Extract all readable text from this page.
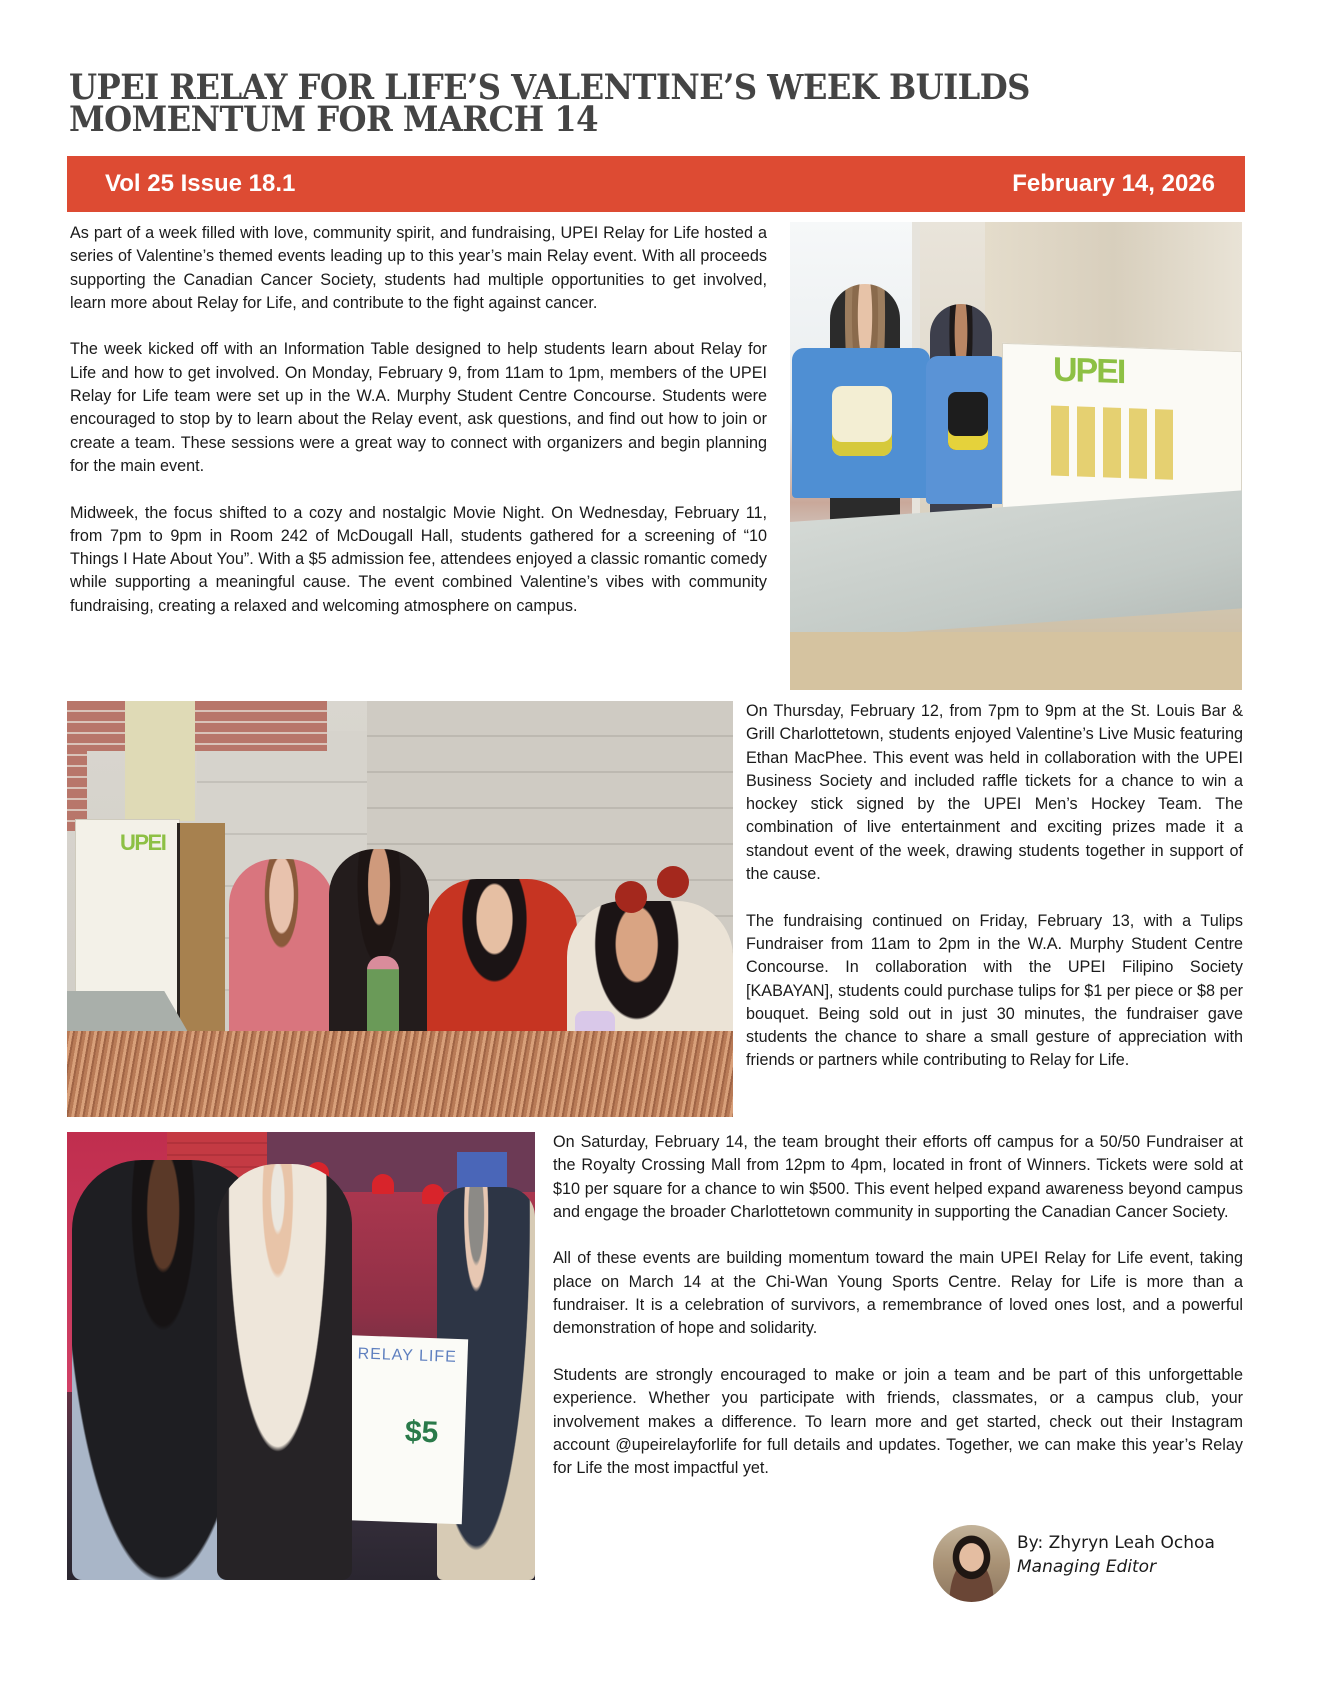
UPEI RELAY FOR LIFE’S VALENTINE’S WEEK BUILDS
MOMENTUM FOR MARCH 14
Vol 25 Issue 18.1	February 14, 2026

As part of a week filled with love, community spirit, and fundraising, UPEI Relay for Life hosted a series of Valentine’s themed events leading up to this year’s main Relay event. With all proceeds supporting the Canadian Cancer Society, students had multiple opportunities to get involved, learn more about Relay for Life, and contribute to the fight against cancer.

The week kicked off with an Information Table designed to help students learn about Relay for Life and how to get involved. On Monday, February 9, from 11am to 1pm, members of the UPEI Relay for Life team were set up in the W.A. Murphy Student Centre Concourse. Students were encouraged to stop by to learn about the Relay event, ask questions, and find out how to join or create a team. These sessions were a great way to connect with organizers and begin planning for the main event.

Midweek, the focus shifted to a cozy and nostalgic Movie Night. On Wednesday, February 11, from 7pm to 9pm in Room 242 of McDougall Hall, students gathered for a screening of “10 Things I Hate About You”. With a $5 admission fee, attendees enjoyed a classic romantic comedy while supporting a meaningful cause. The event combined Valentine’s vibes with community fundraising, creating a relaxed and welcoming atmosphere on campus.

UPEI
UPEI

On Thursday, February 12, from 7pm to 9pm at the St. Louis Bar & Grill Charlottetown, students enjoyed Valentine’s Live Music featuring Ethan MacPhee. This event was held in collaboration with the UPEI Business Society and included raffle tickets for a chance to win a hockey stick signed by the UPEI Men’s Hockey Team. The combination of live entertainment and exciting prizes made it a standout event of the week, drawing students together in support of the cause.

The fundraising continued on Friday, February 13, with a Tulips Fundraiser from 11am to 2pm in the W.A. Murphy Student Centre Concourse. In collaboration with the UPEI Filipino Society [KABAYAN], students could purchase tulips for $1 per piece or $8 per bouquet. Being sold out in just 30 minutes, the fundraiser gave students the chance to share a small gesture of appreciation with friends or partners while contributing to Relay for Life.

$5 RELAY LIFE

On Saturday, February 14, the team brought their efforts off campus for a 50/50 Fundraiser at the Royalty Crossing Mall from 12pm to 4pm, located in front of Winners. Tickets were sold at $10 per square for a chance to win $500. This event helped expand awareness beyond campus and engage the broader Charlottetown community in supporting the Canadian Cancer Society.

All of these events are building momentum toward the main UPEI Relay for Life event, taking place on March 14 at the Chi-Wan Young Sports Centre. Relay for Life is more than a fundraiser. It is a celebration of survivors, a remembrance of loved ones lost, and a powerful demonstration of hope and solidarity.

Students are strongly encouraged to make or join a team and be part of this unforgettable experience. Whether you participate with friends, classmates, or a campus club, your involvement makes a difference. To learn more and get started, check out their Instagram account @upeirelayforlife for full details and updates. Together, we can make this year’s Relay for Life the most impactful yet.

By: Zhyryn Leah Ochoa
Managing Editor
